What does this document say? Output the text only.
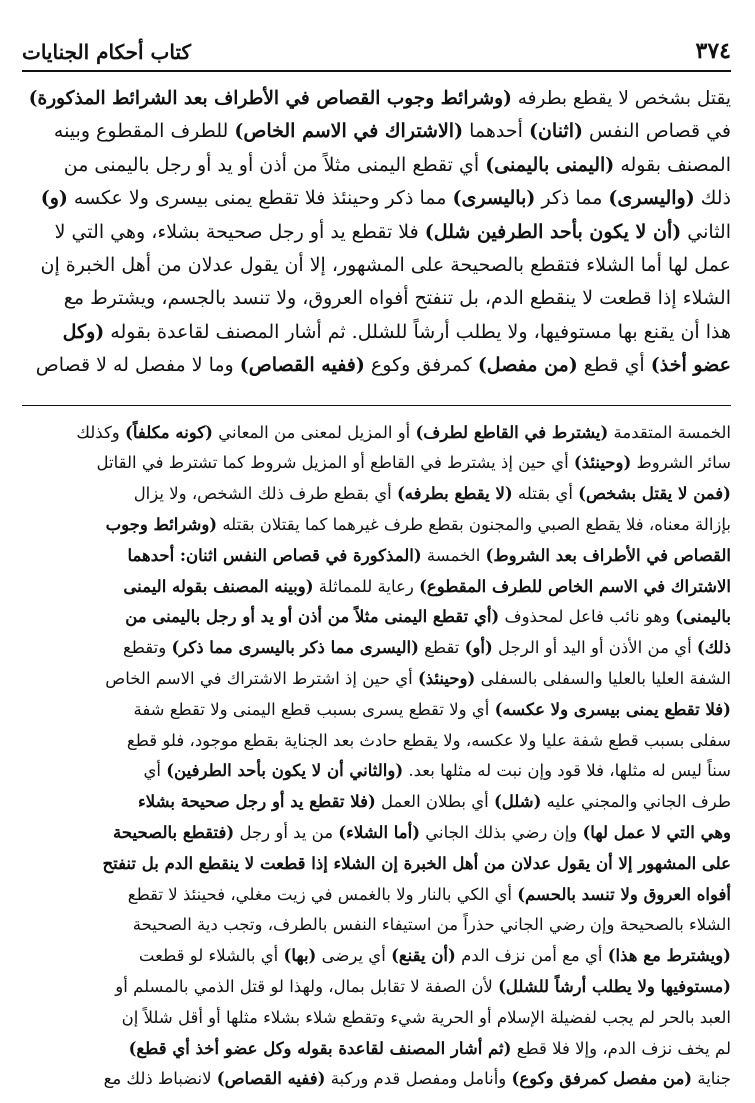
٣٧٤
كتاب أحكام الجنايات
يقتل بشخص لا يقطع بطرفه (وشرائط وجوب القصاص في الأطراف بعد الشرائط المذكورة)
في قصاص النفس (اثنان) أحدهما (الاشتراك في الاسم الخاص) للطرف المقطوع وبينه
المصنف بقوله (اليمنى باليمنى) أي تقطع اليمنى مثلاً من أذن أو يد أو رجل باليمنى من
ذلك (واليسرى) مما ذكر (باليسرى) مما ذكر وحينئذ فلا تقطع يمنى بيسرى ولا عكسه (و)
الثاني (أن لا يكون بأحد الطرفين شلل) فلا تقطع يد أو رجل صحيحة بشلاء، وهي التي لا
عمل لها أما الشلاء فتقطع بالصحيحة على المشهور، إلا أن يقول عدلان من أهل الخبرة إن
الشلاء إذا قطعت لا ينقطع الدم، بل تنفتح أفواه العروق، ولا تنسد بالجسم، ويشترط مع
هذا أن يقنع بها مستوفيها، ولا يطلب أرشاً للشلل. ثم أشار المصنف لقاعدة بقوله (وكل
عضو أخذ) أي قطع (من مفصل) كمرفق وكوع (ففيه القصاص) وما لا مفصل له لا قصاص
الخمسة المتقدمة (يشترط في القاطع لطرف) أو المزيل لمعنى من المعاني (كونه مكلفاً) وكذلك
سائر الشروط (وحينئذ) أي حين إذ يشترط في القاطع أو المزيل شروط كما تشترط في القاتل
(فمن لا يقتل بشخص) أي بقتله (لا يقطع بطرفه) أي بقطع طرف ذلك الشخص، ولا يزال
بإزالة معناه، فلا يقطع الصبي والمجنون بقطع طرف غيرهما كما يقتلان بقتله (وشرائط وجوب
القصاص في الأطراف بعد الشروط) الخمسة (المذكورة في قصاص النفس اثنان: أحدهما
الاشتراك في الاسم الخاص للطرف المقطوع) رعاية للمماثلة (وبينه المصنف بقوله اليمنى
باليمنى) وهو نائب فاعل لمحذوف (أي تقطع اليمنى مثلاً من أذن أو يد أو رجل باليمنى من
ذلك) أي من الأذن أو اليد أو الرجل (أو) تقطع (اليسرى مما ذكر باليسرى مما ذكر) وتقطع
الشفة العليا بالعليا والسفلى بالسفلى (وحينئذ) أي حين إذ اشترط الاشتراك في الاسم الخاص
(فلا تقطع يمنى بيسرى ولا عكسه) أي ولا تقطع يسرى بسبب قطع اليمنى ولا تقطع شفة
سفلى بسبب قطع شفة عليا ولا عكسه، ولا يقطع حادث بعد الجناية بقطع موجود، فلو قطع
سناً ليس له مثلها، فلا قود وإن نبت له مثلها بعد. (والثاني أن لا يكون بأحد الطرفين) أي
طرف الجاني والمجني عليه (شلل) أي بطلان العمل (فلا تقطع يد أو رجل صحيحة بشلاء
وهي التي لا عمل لها) وإن رضي بذلك الجاني (أما الشلاء) من يد أو رجل (فتقطع بالصحيحة
على المشهور إلا أن يقول عدلان من أهل الخبرة إن الشلاء إذا قطعت لا ينقطع الدم بل تنفتح
أفواه العروق ولا تنسد بالحسم) أي الكي بالنار ولا بالغمس في زيت مغلي، فحينئذ لا تقطع
الشلاء بالصحيحة وإن رضي الجاني حذراً من استيفاء النفس بالطرف، وتجب دية الصحيحة
(ويشترط مع هذا) أي مع أمن نزف الدم (أن يقنع) أي يرضى (بها) أي بالشلاء لو قطعت
(مستوفيها ولا يطلب أرشاً للشلل) لأن الصفة لا تقابل بمال، ولهذا لو قتل الذمي بالمسلم أو
العبد بالحر لم يجب لفضيلة الإسلام أو الحرية شيء وتقطع شلاء بشلاء مثلها أو أقل شللاً إن
لم يخف نزف الدم، وإلا فلا قطع (ثم أشار المصنف لقاعدة بقوله وكل عضو أخذ أي قطع)
جناية (من مفصل كمرفق وكوع) وأنامل ومفصل قدم وركبة (ففيه القصاص) لانضباط ذلك مع
